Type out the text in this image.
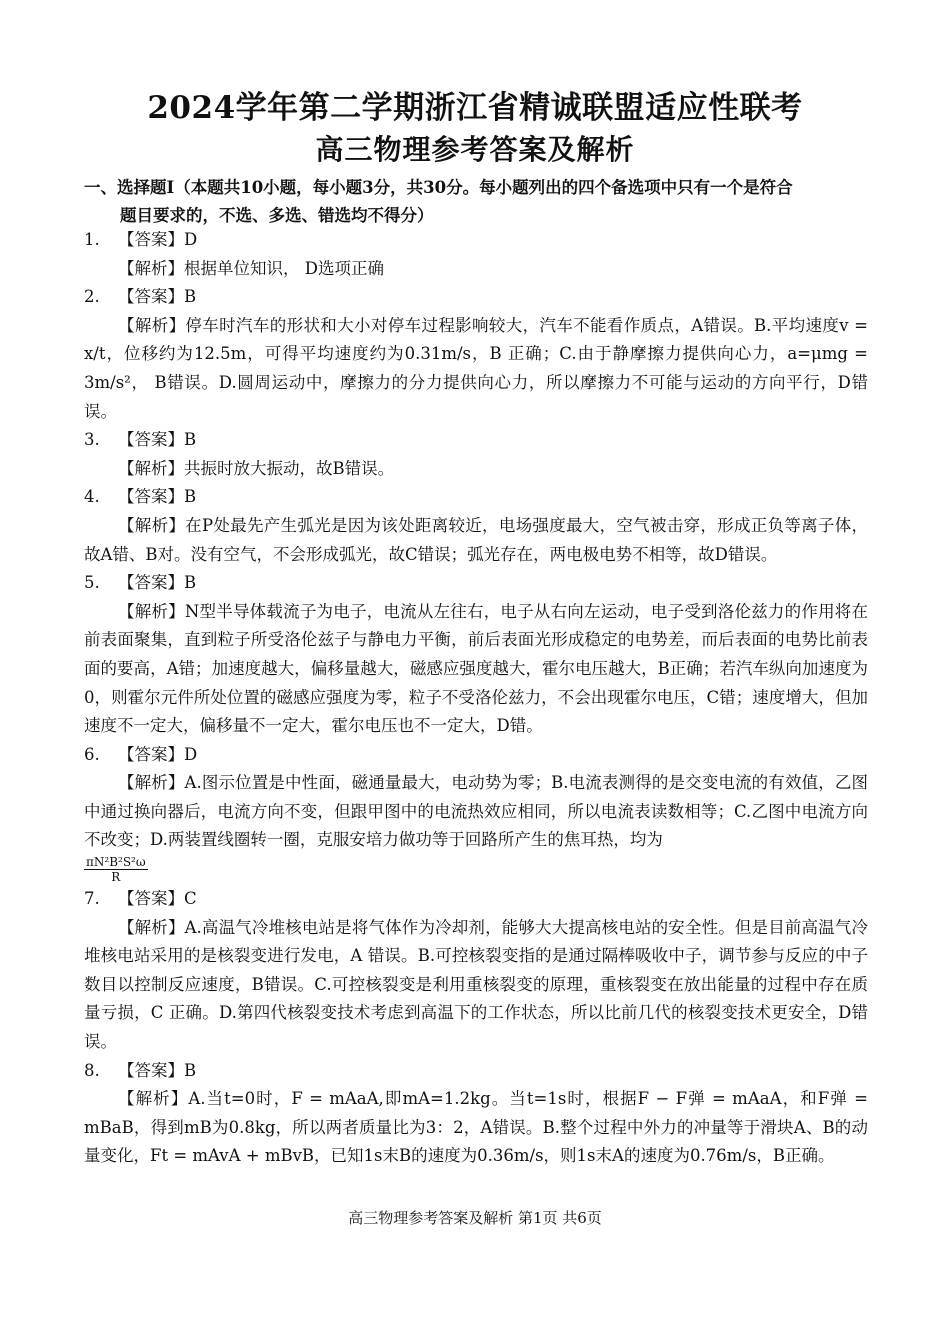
2024学年第二学期浙江省精诚联盟适应性联考
高三物理参考答案及解析
一、选择题Ⅰ（本题共10小题，每小题3分，共30分。每小题列出的四个备选项中只有一个是符合
题目要求的，不选、多选、错选均不得分）
1.	【答案】D
【解析】根据单位知识， D选项正确
2.	【答案】B
【解析】停车时汽车的形状和大小对停车过程影响较大，汽车不能看作质点，A错误。B.平均速度v = x/t，位移约为12.5m，可得平均速度约为0.31m/s，B 正确；C.由于静摩擦力提供向心力，a=μmg = 3m/s²， B错误。D.圆周运动中，摩擦力的分力提供向心力，所以摩擦力不可能与运动的方向平行，D错误。
3.	【答案】B
【解析】共振时放大振动，故B错误。
4.	【答案】B
【解析】在P处最先产生弧光是因为该处距离较近，电场强度最大，空气被击穿，形成正负等离子体，故A错、B对。没有空气，不会形成弧光，故C错误；弧光存在，两电极电势不相等，故D错误。
5.	【答案】B
【解析】N型半导体载流子为电子，电流从左往右，电子从右向左运动，电子受到洛伦兹力的作用将在前表面聚集，直到粒子所受洛伦兹子与静电力平衡，前后表面光形成稳定的电势差，而后表面的电势比前表面的要高，A错；加速度越大，偏移量越大，磁感应强度越大，霍尔电压越大，B正确；若汽车纵向加速度为0，则霍尔元件所处位置的磁感应强度为零，粒子不受洛伦兹力，不会出现霍尔电压，C错；速度增大，但加速度不一定大，偏移量不一定大，霍尔电压也不一定大，D错。
6.	【答案】D
【解析】A.图示位置是中性面，磁通量最大，电动势为零；B.电流表测得的是交变电流的有效值，乙图中通过换向器后，电流方向不变，但跟甲图中的电流热效应相同，所以电流表读数相等；C.乙图中电流方向不改变；D.两装置线圈转一圈，克服安培力做功等于回路所产生的焦耳热，均为
$\frac{\text{πN²B²S²ω}}{R}$
7.	【答案】C
【解析】A.高温气冷堆核电站是将气体作为冷却剂，能够大大提高核电站的安全性。但是目前高温气冷堆核电站采用的是核裂变进行发电，A 错误。B.可控核裂变指的是通过隔棒吸收中子，调节参与反应的中子数目以控制反应速度，B错误。C.可控核裂变是利用重核裂变的原理，重核裂变在放出能量的过程中存在质量亏损，C 正确。D.第四代核裂变技术考虑到高温下的工作状态，所以比前几代的核裂变技术更安全，D错误。
8.	【答案】B
【解析】A.当t=0时，F = mAaA,即mA=1.2kg。当t=1s时，根据F − F弹 = mAaA，和F弹 = mBaB，得到mB为0.8kg，所以两者质量比为3：2，A错误。B.整个过程中外力的冲量等于滑块A、B的动量变化，Ft = mAvA + mBvB，已知1s末B的速度为0.36m/s，则1s末A的速度为0.76m/s，B正确。
高三物理参考答案及解析 第1页 共6页
